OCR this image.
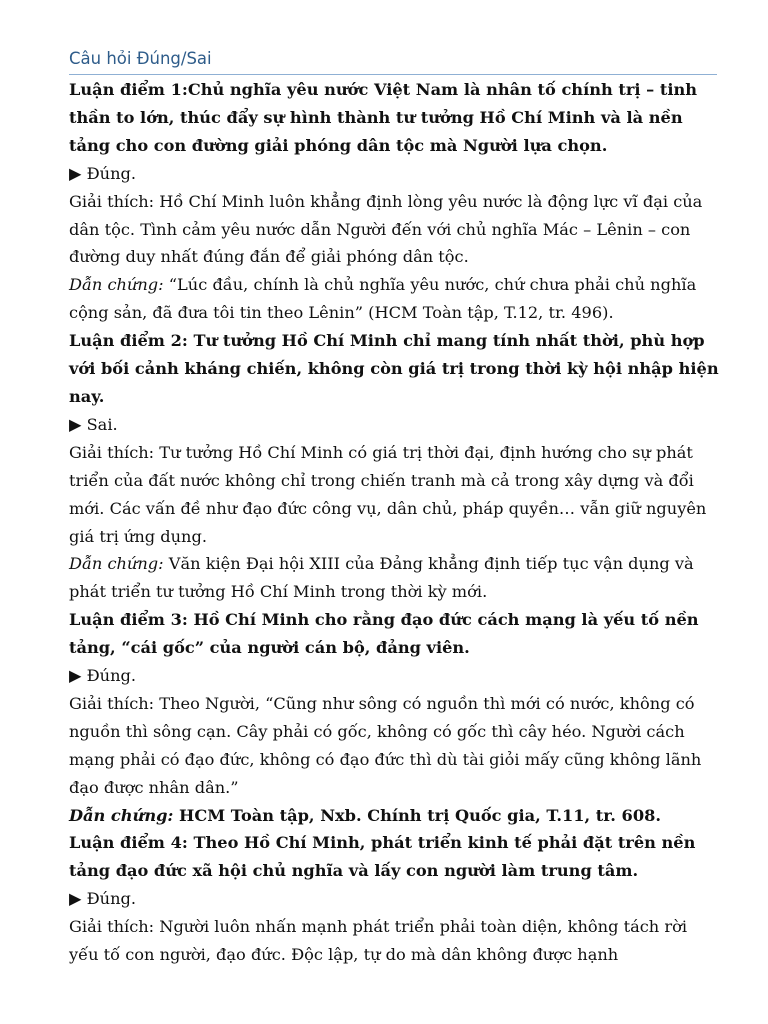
Câu hỏi Đúng/Sai

Luận điểm 1:Chủ nghĩa yêu nước Việt Nam là nhân tố chính trị – tinh thần to lớn, thúc đẩy sự hình thành tư tưởng Hồ Chí Minh và là nền tảng cho con đường giải phóng dân tộc mà Người lựa chọn.

▶ Đúng.

Giải thích: Hồ Chí Minh luôn khẳng định lòng yêu nước là động lực vĩ đại của dân tộc. Tình cảm yêu nước dẫn Người đến với chủ nghĩa Mác – Lênin – con đường duy nhất đúng đắn để giải phóng dân tộc.

Dẫn chứng: “Lúc đầu, chính là chủ nghĩa yêu nước, chứ chưa phải chủ nghĩa cộng sản, đã đưa tôi tin theo Lênin” (HCM Toàn tập, T.12, tr. 496).

Luận điểm 2: Tư tưởng Hồ Chí Minh chỉ mang tính nhất thời, phù hợp với bối cảnh kháng chiến, không còn giá trị trong thời kỳ hội nhập hiện nay.

▶ Sai.

Giải thích: Tư tưởng Hồ Chí Minh có giá trị thời đại, định hướng cho sự phát triển của đất nước không chỉ trong chiến tranh mà cả trong xây dựng và đổi mới. Các vấn đề như đạo đức công vụ, dân chủ, pháp quyền… vẫn giữ nguyên giá trị ứng dụng.

Dẫn chứng: Văn kiện Đại hội XIII của Đảng khẳng định tiếp tục vận dụng và phát triển tư tưởng Hồ Chí Minh trong thời kỳ mới.

Luận điểm 3: Hồ Chí Minh cho rằng đạo đức cách mạng là yếu tố nền tảng, “cái gốc” của người cán bộ, đảng viên.

▶ Đúng.

Giải thích: Theo Người, “Cũng như sông có nguồn thì mới có nước, không có nguồn thì sông cạn. Cây phải có gốc, không có gốc thì cây héo. Người cách mạng phải có đạo đức, không có đạo đức thì dù tài giỏi mấy cũng không lãnh đạo được nhân dân.”

Dẫn chứng: HCM Toàn tập, Nxb. Chính trị Quốc gia, T.11, tr. 608.

Luận điểm 4: Theo Hồ Chí Minh, phát triển kinh tế phải đặt trên nền tảng đạo đức xã hội chủ nghĩa và lấy con người làm trung tâm.

▶ Đúng.

Giải thích: Người luôn nhấn mạnh phát triển phải toàn diện, không tách rời yếu tố con người, đạo đức. Độc lập, tự do mà dân không được hạnh
